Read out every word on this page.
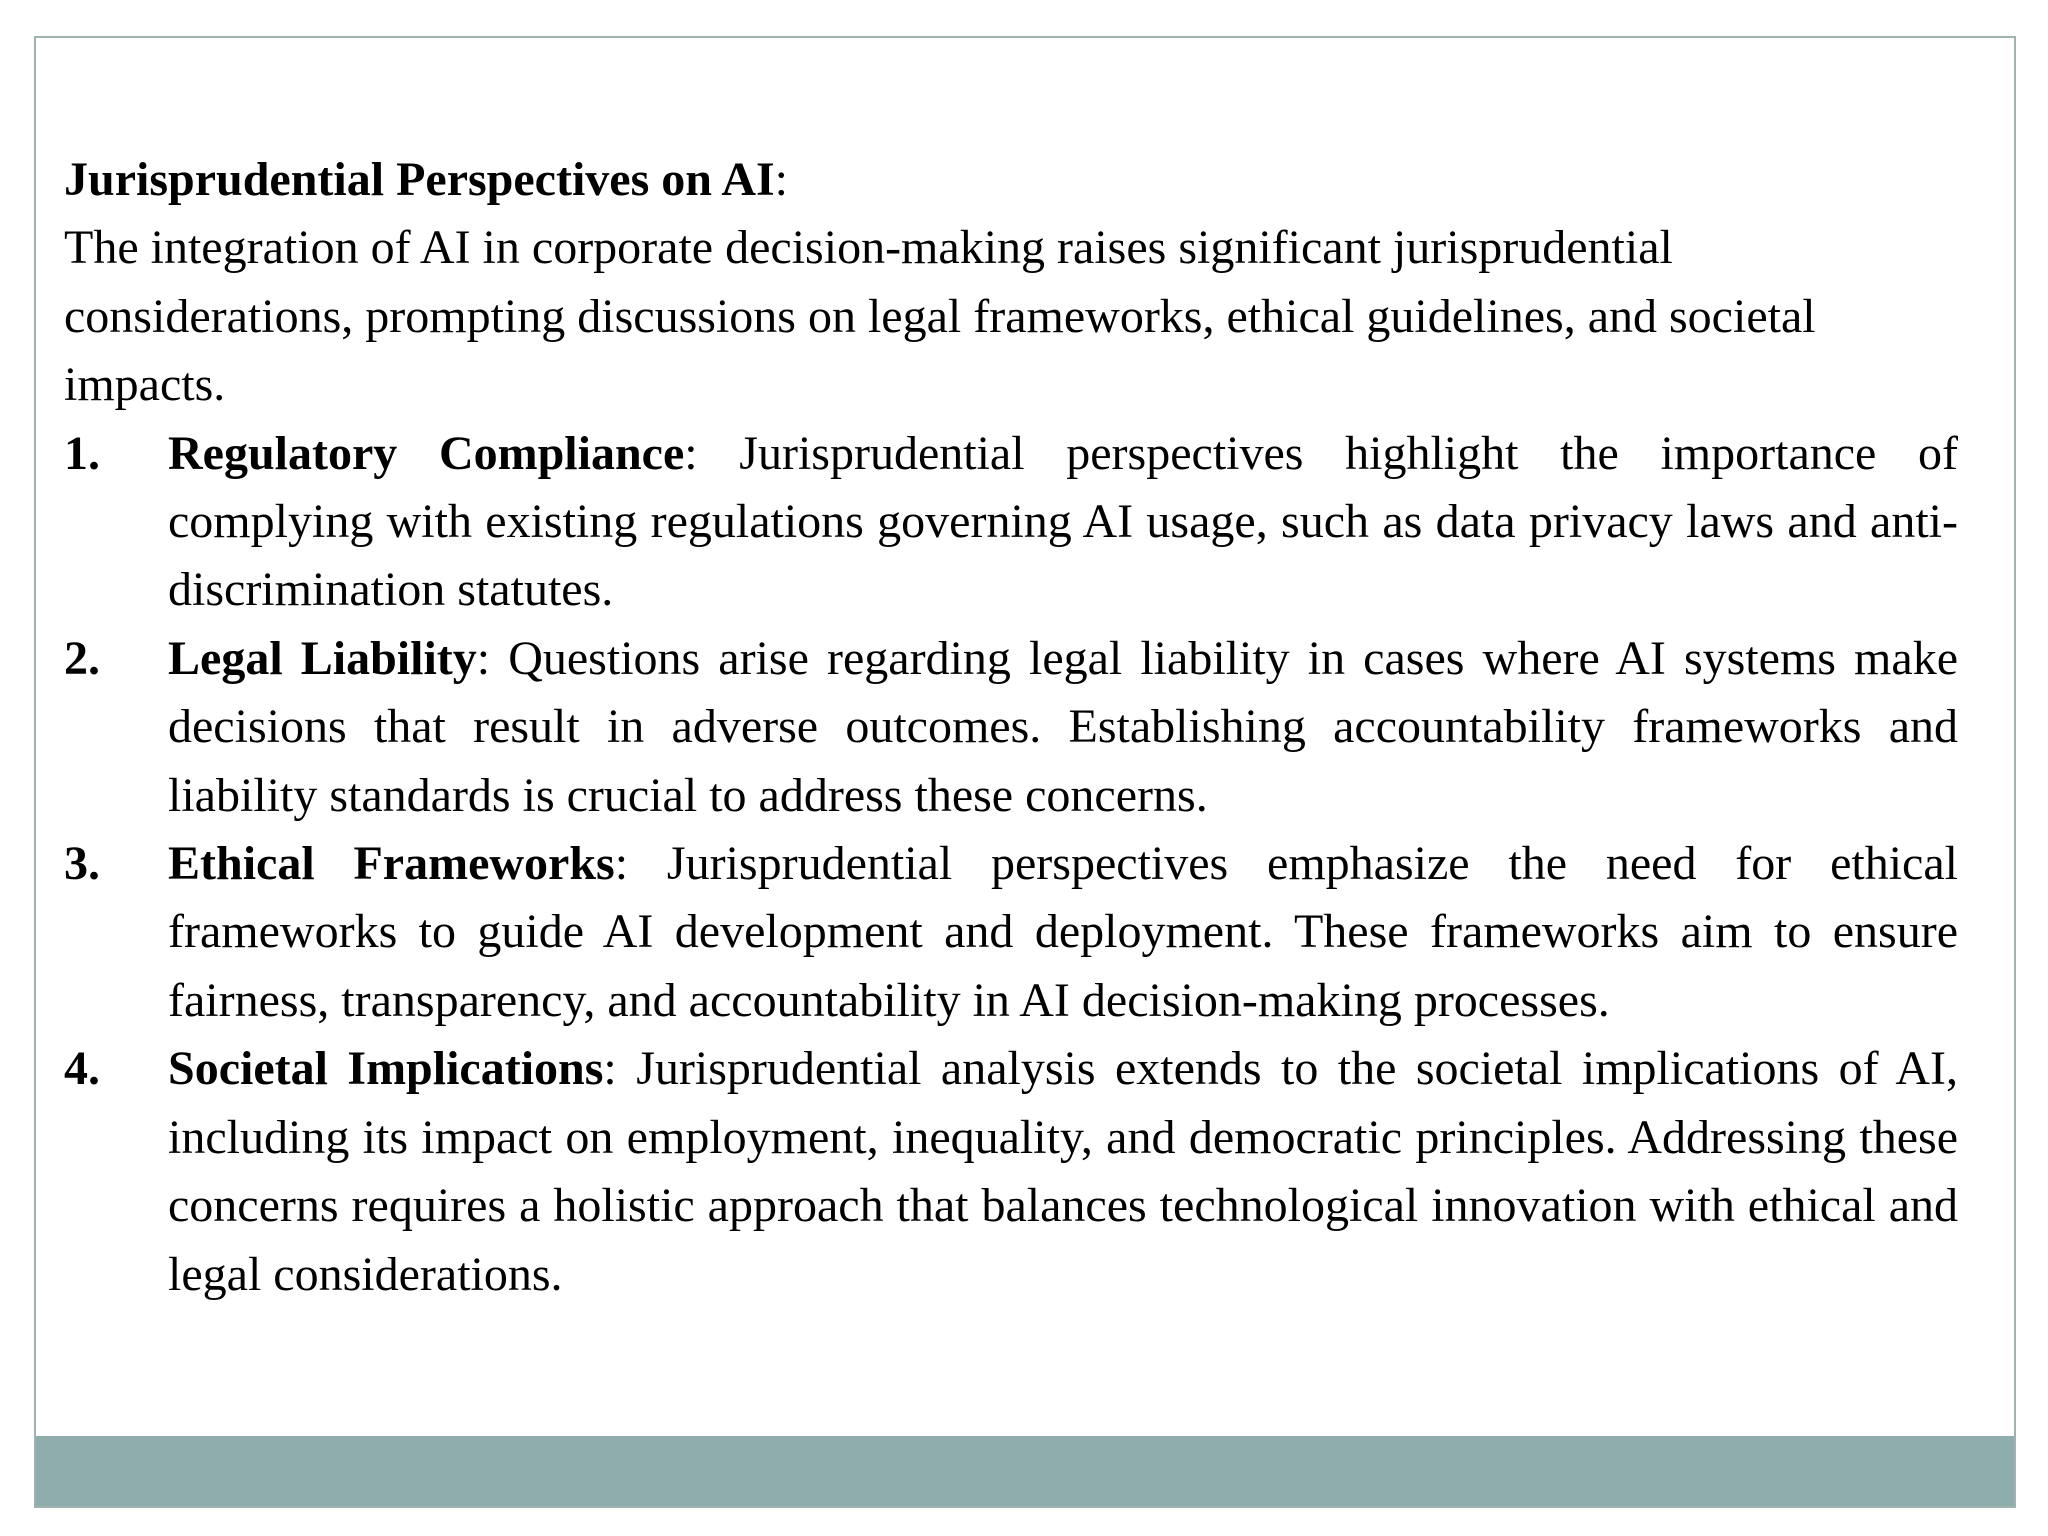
Jurisprudential Perspectives on AI:

The integration of AI in corporate decision-making raises significant jurisprudential considerations, prompting discussions on legal frameworks, ethical guidelines, and societal impacts.

1. Regulatory Compliance: Jurisprudential perspectives highlight the importance of complying with existing regulations governing AI usage, such as data privacy laws and anti-discrimination statutes.
2. Legal Liability: Questions arise regarding legal liability in cases where AI systems make decisions that result in adverse outcomes. Establishing accountability frameworks and liability standards is crucial to address these concerns.
3. Ethical Frameworks: Jurisprudential perspectives emphasize the need for ethical frameworks to guide AI development and deployment. These frameworks aim to ensure fairness, transparency, and accountability in AI decision-making processes.
4. Societal Implications: Jurisprudential analysis extends to the societal implications of AI, including its impact on employment, inequality, and democratic principles. Addressing these concerns requires a holistic approach that balances technological innovation with ethical and legal considerations.
